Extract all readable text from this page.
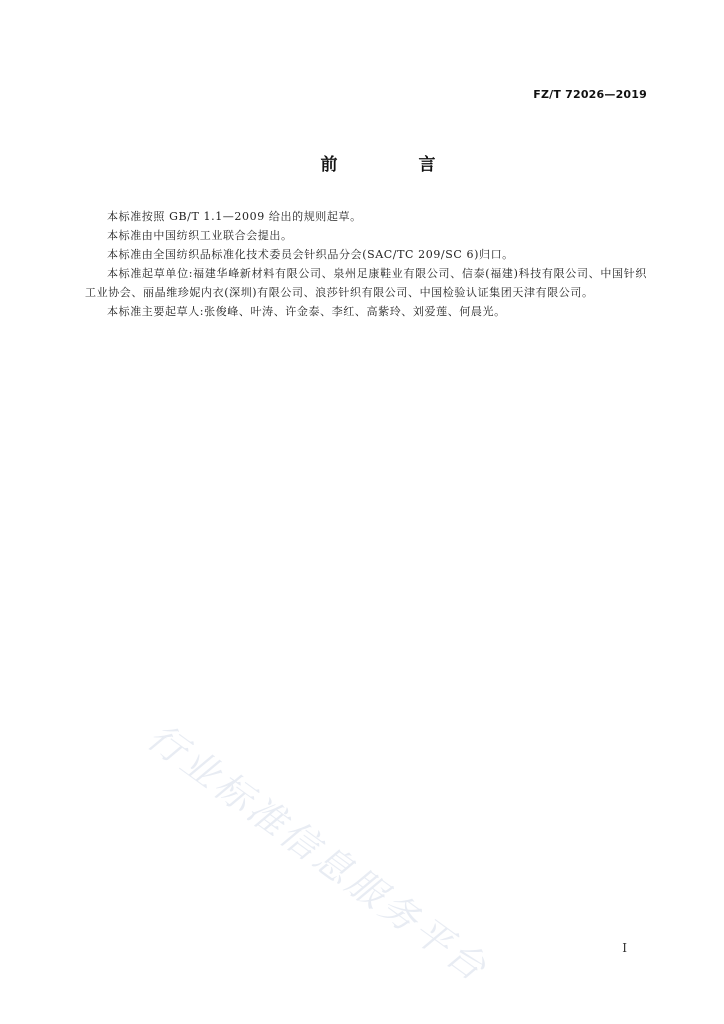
FZ/T 72026—2019
前　言

本标准按照 GB/T 1.1—2009 给出的规则起草。

本标准由中国纺织工业联合会提出。

本标准由全国纺织品标准化技术委员会针织品分会(SAC/TC 209/SC 6)归口。

本标准起草单位:福建华峰新材料有限公司、泉州足康鞋业有限公司、信泰(福建)科技有限公司、中国针织工业协会、丽晶维珍妮内衣(深圳)有限公司、浪莎针织有限公司、中国检验认证集团天津有限公司。

本标准主要起草人:张俊峰、叶涛、许金泰、李红、高紫玲、刘爱莲、何晨光。

行业标准信息服务平台	I
